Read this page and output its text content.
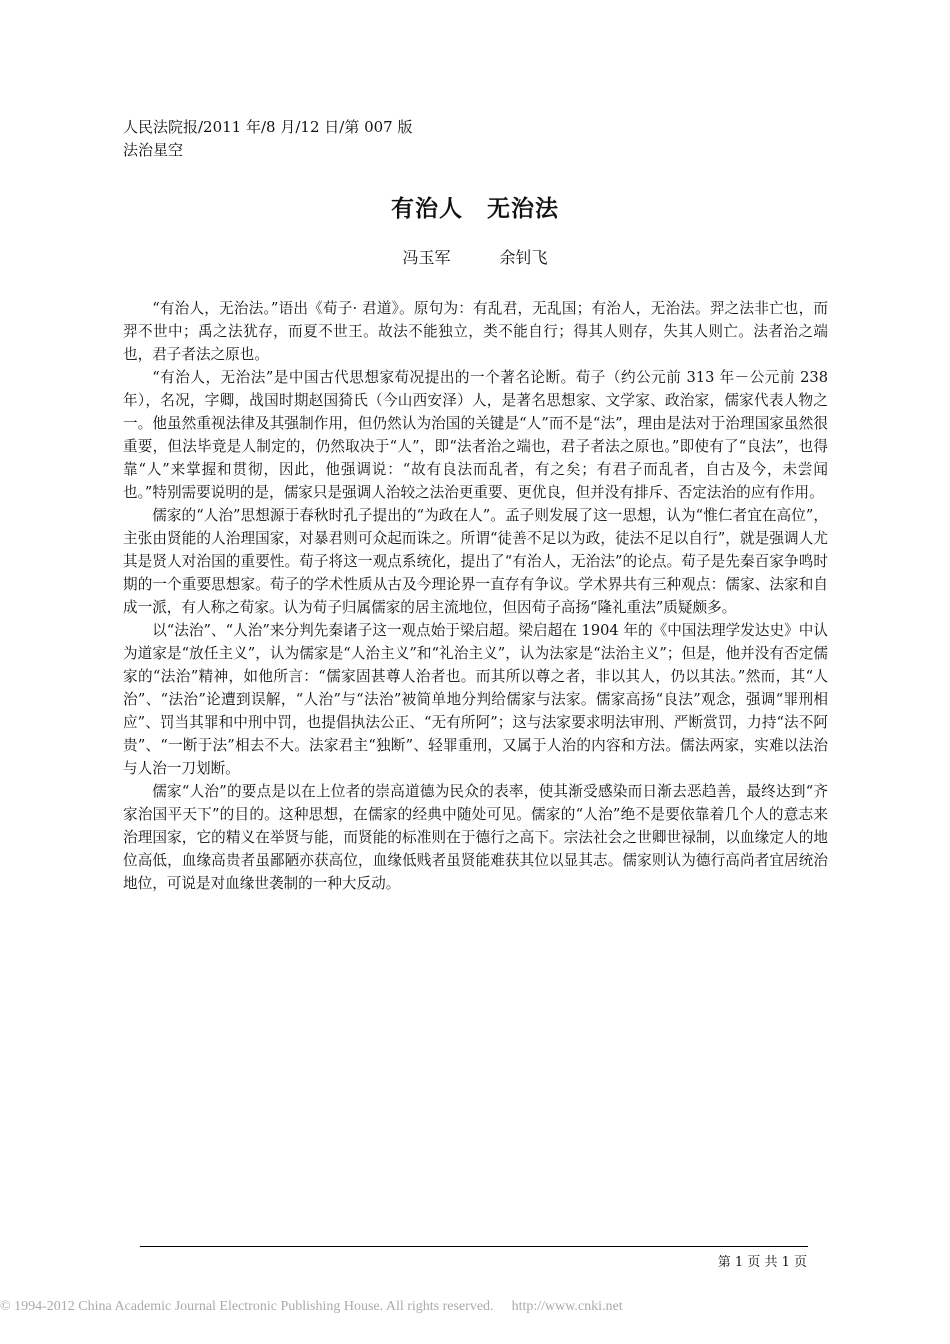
人民法院报/2011 年/8 月/12 日/第 007 版
法治星空
有治人　无治法
冯玉军	余钊飞

“有治人，无治法。”语出《荀子· 君道》。原句为：有乱君，无乱国；有治人，无治法。羿之法非亡也，而羿不世中；禹之法犹存，而夏不世王。故法不能独立，类不能自行；得其人则存，失其人则亡。法者治之端也，君子者法之原也。

“有治人，无治法”是中国古代思想家荀况提出的一个著名论断。荀子（约公元前 313 年－公元前 238 年），名况，字卿，战国时期赵国猗氏（今山西安泽）人，是著名思想家、文学家、政治家，儒家代表人物之一。他虽然重视法律及其强制作用，但仍然认为治国的关键是“人”而不是“法”，理由是法对于治理国家虽然很重要，但法毕竟是人制定的，仍然取决于“人”，即“法者治之端也，君子者法之原也。”即使有了“良法”，也得靠“人”来掌握和贯彻，因此，他强调说：“故有良法而乱者，有之矣；有君子而乱者，自古及今，未尝闻也。”特别需要说明的是，儒家只是强调人治较之法治更重要、更优良，但并没有排斥、否定法治的应有作用。

儒家的“人治”思想源于春秋时孔子提出的“为政在人”。孟子则发展了这一思想，认为“惟仁者宜在高位”，主张由贤能的人治理国家，对暴君则可众起而诛之。所谓“徒善不足以为政，徒法不足以自行”，就是强调人尤其是贤人对治国的重要性。荀子将这一观点系统化，提出了“有治人，无治法”的论点。荀子是先秦百家争鸣时期的一个重要思想家。荀子的学术性质从古及今理论界一直存有争议。学术界共有三种观点：儒家、法家和自成一派，有人称之荀家。认为荀子归属儒家的居主流地位，但因荀子高扬“隆礼重法”质疑颇多。

以“法治”、“人治”来分判先秦诸子这一观点始于梁启超。梁启超在 1904 年的《中国法理学发达史》中认为道家是“放任主义”，认为儒家是“人治主义”和“礼治主义”，认为法家是“法治主义”；但是，他并没有否定儒家的“法治”精神，如他所言：“儒家固甚尊人治者也。而其所以尊之者，非以其人，仍以其法。”然而，其“人治”、“法治”论遭到误解，“人治”与“法治”被简单地分判给儒家与法家。儒家高扬“良法”观念，强调“罪刑相应”、罚当其罪和中刑中罚，也提倡执法公正、“无有所阿”；这与法家要求明法审刑、严断赏罚，力持“法不阿贵”、“一断于法”相去不大。法家君主“独断”、轻罪重刑，又属于人治的内容和方法。儒法两家，实难以法治与人治一刀划断。

儒家“人治”的要点是以在上位者的崇高道德为民众的表率，使其渐受感染而日渐去恶趋善，最终达到“齐家治国平天下”的目的。这种思想，在儒家的经典中随处可见。儒家的“人治”绝不是要依靠着几个人的意志来治理国家，它的精义在举贤与能，而贤能的标准则在于德行之高下。宗法社会之世卿世禄制，以血缘定人的地位高低，血缘高贵者虽鄙陋亦获高位，血缘低贱者虽贤能难获其位以显其志。儒家则认为德行高尚者宜居统治地位，可说是对血缘世袭制的一种大反动。

第 1 页 共 1 页
© 1994-2012 China Academic Journal Electronic Publishing House. All rights reserved. http://www.cnki.net
